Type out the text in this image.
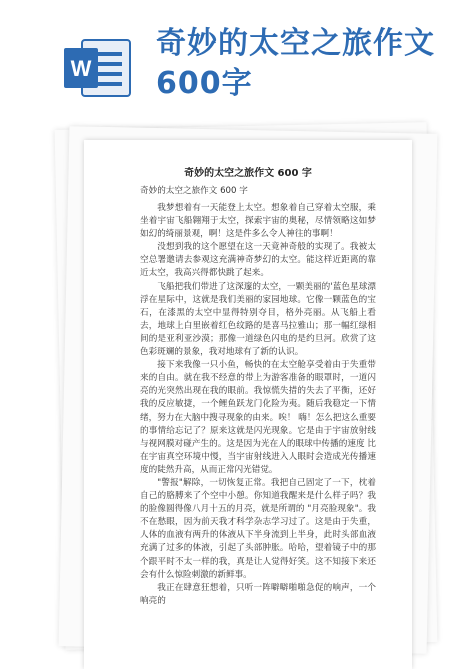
W
奇妙的太空之旅作文600字
奇妙的太空之旅作文 600 字
奇妙的太空之旅作文 600 字

我梦想着有一天能登上太空。想象着自己穿着太空服，乘坐着宇宙飞船翱翔于太空，探索宇宙的奥秘，尽情领略这如梦如幻的绮丽景观，啊！这是件多么令人神往的事啊！

没想到我的这个愿望在这一天竟神奇般的实现了。我被太空总署邀请去参观这充满神奇梦幻的太空。能这样近距离的靠近太空，我高兴得都快跳了起来。

飞船把我们带进了这深邃的太空，一颗美丽的'蓝色星球漂浮在星际中，这就是我们美丽的家园地球。它像一颗蓝色的宝石，在漆黑的太空中显得特别夺目，格外亮丽。从飞船上看去，地球上白里嵌着红色纹路的是喜马拉雅山；那一幅红绿相间的是亚利亚沙漠；那像一道绿色闪电的是约旦河。欣赏了这色彩斑斓的景象，我对地球有了新的认识。

接下来我像一只小鱼，畅快的在太空舱享受着由于失重带来的自由。就在我不经意的带上为游客准备的眼罩时，一道闪亮的光突然出现在我的眼前。我惊慌失措的失去了平衡，还好我的反应敏捷，一个鲤鱼跃龙门化险为夷。随后我稳定一下情绪，努力在大脑中搜寻现象的由来。唉！ 嗨！怎么把这么重要的事情给忘记了？原来这就是闪光现象。它是由于宇宙放射线与视网膜对碰产生的。这是因为光在人的眼球中传播的速度 比在宇宙真空环境中慢，当宇宙射线进入人眼时会造成光传播速度的陡然升高，从而正常闪光错觉。

"警报"解除，一切恢复正常。我把自己固定了一下，枕着自己的胳膊来了个空中小憩。你知道我醒来是什么样子吗？我的脸像圆得像八月十五的月亮，就是所谓的 "月亮脸现象"。我不在愁眼，因为前天我才科学杂志学习过了。这是由于失重，人体的血液有两升的体液从下半身流到上半身，此时头部血液充满了过多的体液，引起了头部肿胀。哈哈，望着镜子中的那个跟平时不太一样的我，真是让人觉得好笑。这不知接下来还会有什么惊险刺激的新鲜事。

我正在肆意狂想着，只听一阵噼噼啪啪急促的响声，一个响亮的
